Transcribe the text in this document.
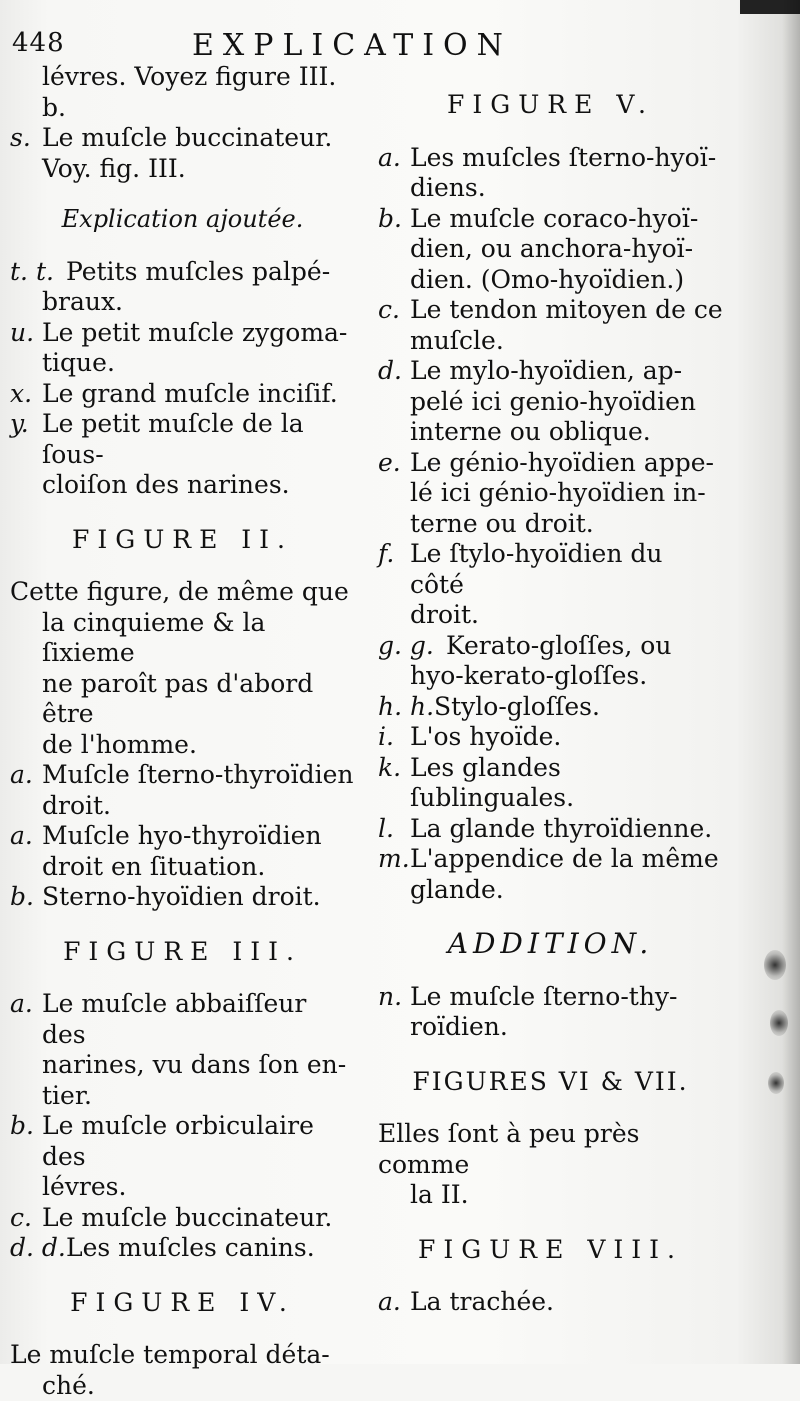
448	EXPLICATION
lévres. Voyez figure III. b.
s. Le muſcle buccinateur.
Voy. fig. III.
Explication ajoutée.
t. t. Petits muſcles palpé-
braux.
u. Le petit muſcle zygoma-
tique.
x. Le grand muſcle inciſif.
y. Le petit muſcle de la ſous-
cloiſon des narines.
FIGURE II.
Cette figure, de même que
la cinquieme & la ſixieme
ne paroît pas d'abord être
de l'homme.
a. Muſcle ſterno-thyroïdien
droit.
a. Muſcle hyo-thyroïdien
droit en ſituation.
b. Sterno-hyoïdien droit.
FIGURE III.
a. Le muſcle abbaiſſeur des
narines, vu dans ſon en-
tier.
b. Le muſcle orbiculaire des
lévres.
c. Le muſcle buccinateur.
d. d. Les muſcles canins.
FIGURE IV.
Le muſcle temporal déta-
ché.
FIGURE V.
a. Les muſcles ſterno-hyoï-
diens.
b. Le muſcle coraco-hyoï-
dien, ou anchora-hyoï-
dien. (Omo-hyoïdien.)
c. Le tendon mitoyen de ce
muſcle.
d. Le mylo-hyoïdien, ap-
pelé ici genio-hyoïdien
interne ou oblique.
e. Le génio-hyoïdien appe-
lé ici génio-hyoïdien in-
terne ou droit.
f. Le ſtylo-hyoïdien du côté
droit.
g. g. Kerato-gloſſes, ou
hyo-kerato-gloſſes.
h. h. Stylo-gloſſes.
i. L'os hyoïde.
k. Les glandes ſublinguales.
l. La glande thyroïdienne.
m. L'appendice de la même
glande.
ADDITION.
n. Le muſcle ſterno-thy-
roïdien.
FIGURES VI & VII.
Elles ſont à peu près comme
la II.
FIGURE VIII.
a. La trachée.
